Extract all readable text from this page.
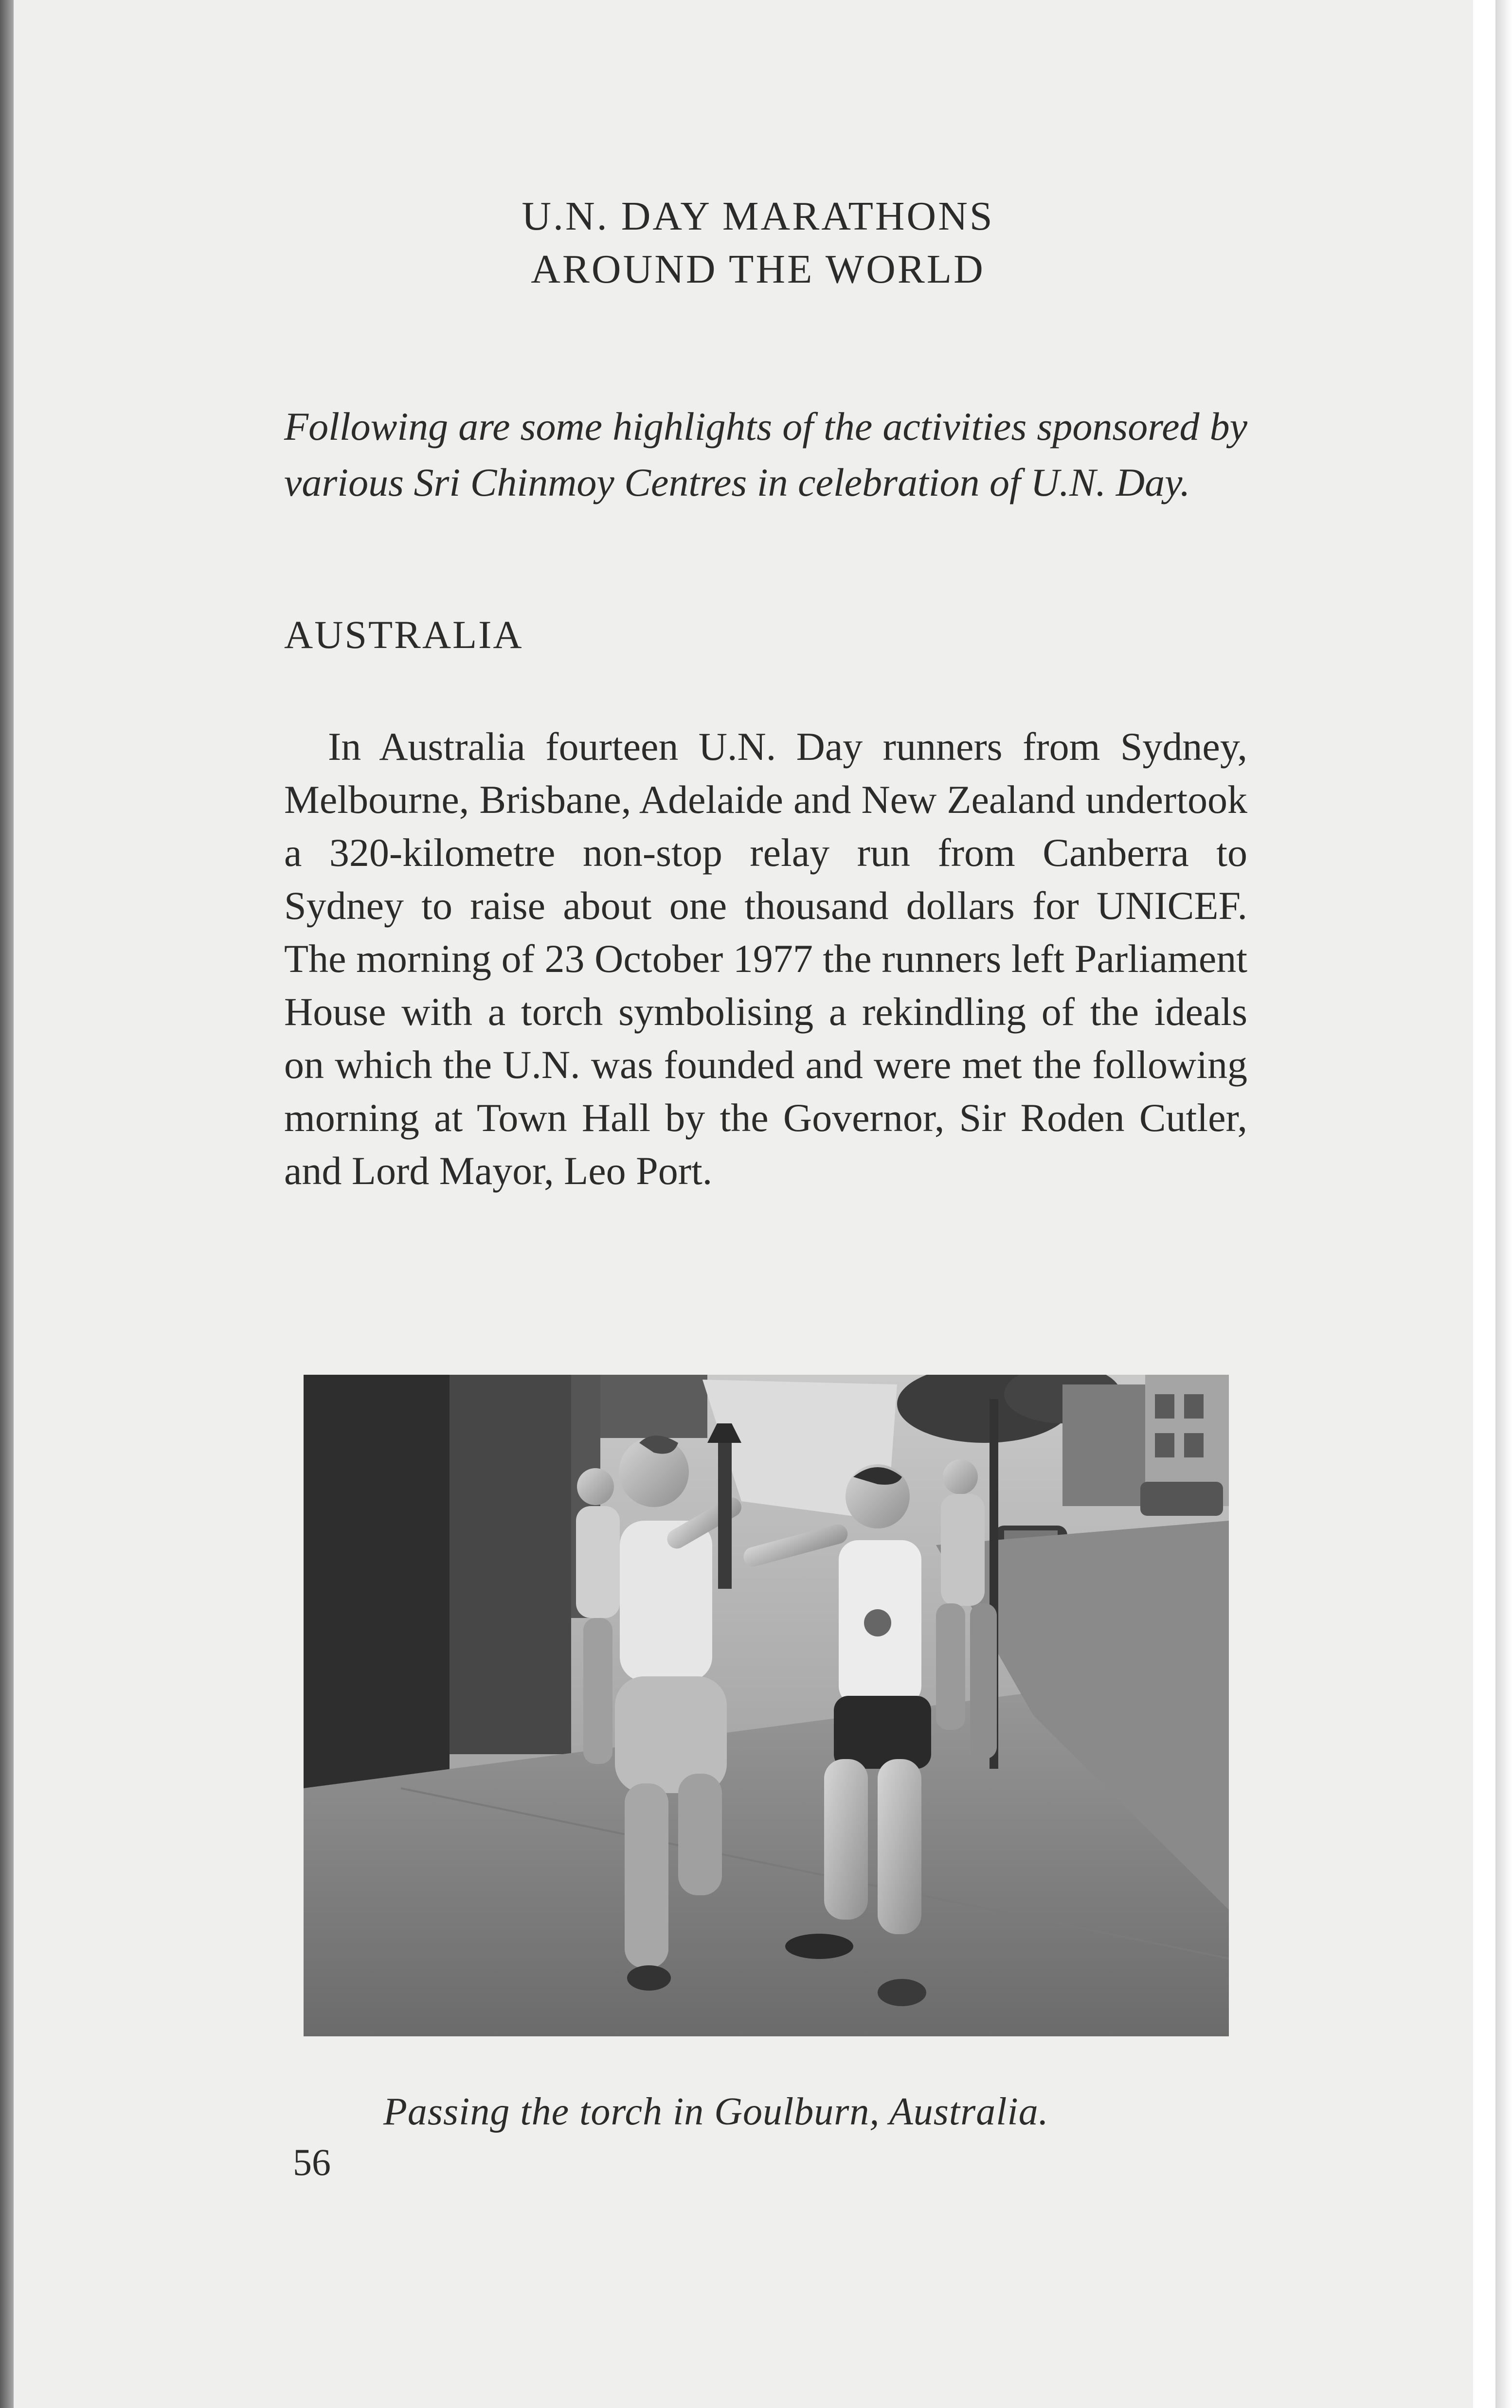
U.N. DAY MARATHONS
AROUND THE WORLD

Following are some highlights of the activities sponsored by various Sri Chinmoy Centres in celebration of U.N. Day.

AUSTRALIA

In Australia fourteen U.N. Day runners from Sydney, Melbourne, Brisbane, Adelaide and New Zealand undertook a 320-kilometre non-stop relay run from Canberra to Sydney to raise about one thousand dollars for UNICEF. The morning of 23 October 1977 the runners left Parliament House with a torch symbolising a rekindling of the ideals on which the U.N. was founded and were met the following morning at Town Hall by the Governor, Sir Roden Cutler, and Lord Mayor, Leo Port.

Passing the torch in Goulburn, Australia.
56
